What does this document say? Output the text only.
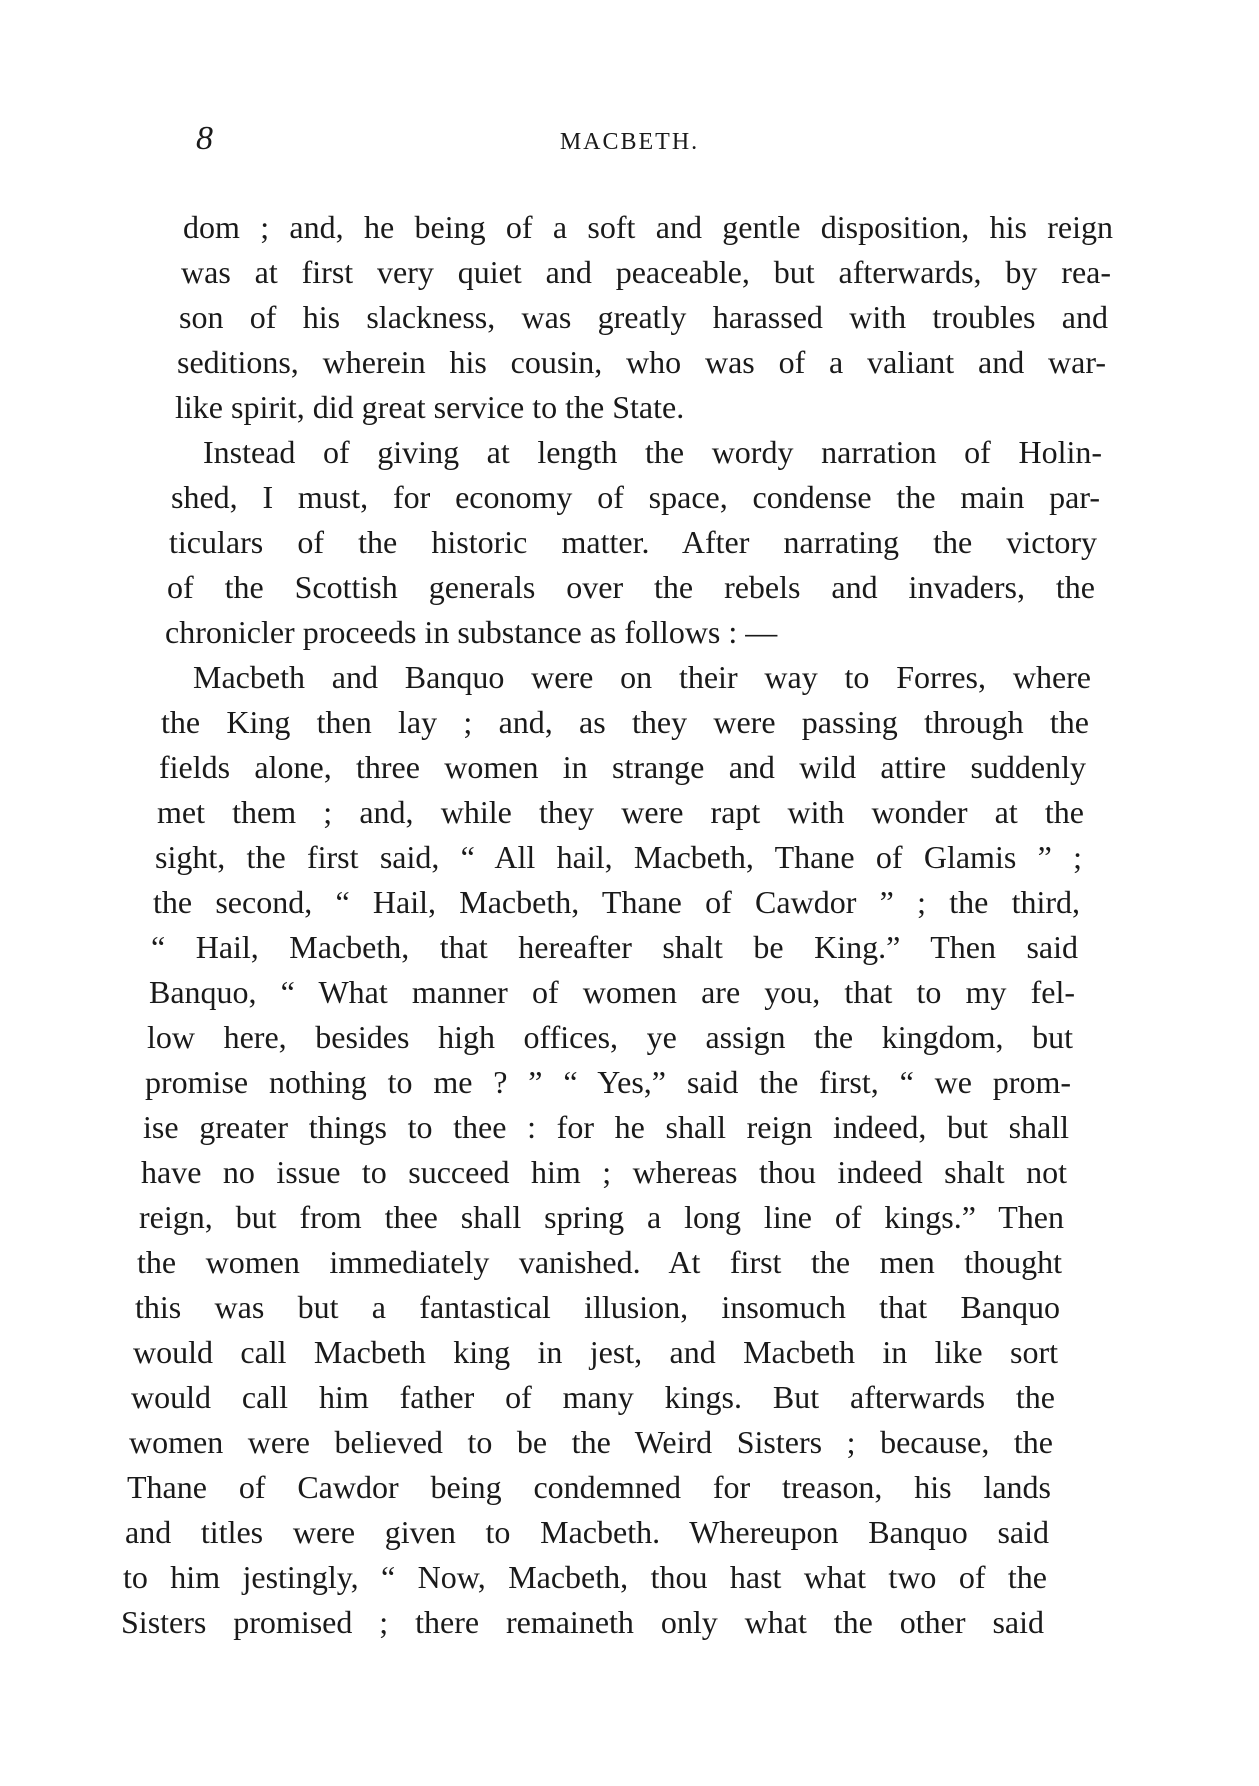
8	MACBETH.
dom ; and, he being of a soft and gentle disposition, his reign
was at first very quiet and peaceable, but afterwards, by rea-
son of his slackness, was greatly harassed with troubles and
seditions, wherein his cousin, who was of a valiant and war-
like spirit, did great service to the State.
Instead of giving at length the wordy narration of Holin-
shed, I must, for economy of space, condense the main par-
ticulars of the historic matter. After narrating the victory
of the Scottish generals over the rebels and invaders, the
chronicler proceeds in substance as follows : —
Macbeth and Banquo were on their way to Forres, where
the King then lay ; and, as they were passing through the
fields alone, three women in strange and wild attire suddenly
met them ; and, while they were rapt with wonder at the
sight, the first said, “ All hail, Macbeth, Thane of Glamis ” ;
the second, “ Hail, Macbeth, Thane of Cawdor ” ; the third,
“ Hail, Macbeth, that hereafter shalt be King.” Then said
Banquo, “ What manner of women are you, that to my fel-
low here, besides high offices, ye assign the kingdom, but
promise nothing to me ? ” “ Yes,” said the first, “ we prom-
ise greater things to thee : for he shall reign indeed, but shall
have no issue to succeed him ; whereas thou indeed shalt not
reign, but from thee shall spring a long line of kings.” Then
the women immediately vanished. At first the men thought
this was but a fantastical illusion, insomuch that Banquo
would call Macbeth king in jest, and Macbeth in like sort
would call him father of many kings. But afterwards the
women were believed to be the Weird Sisters ; because, the
Thane of Cawdor being condemned for treason, his lands
and titles were given to Macbeth. Whereupon Banquo said
to him jestingly, “ Now, Macbeth, thou hast what two of the
Sisters promised ; there remaineth only what the other said
